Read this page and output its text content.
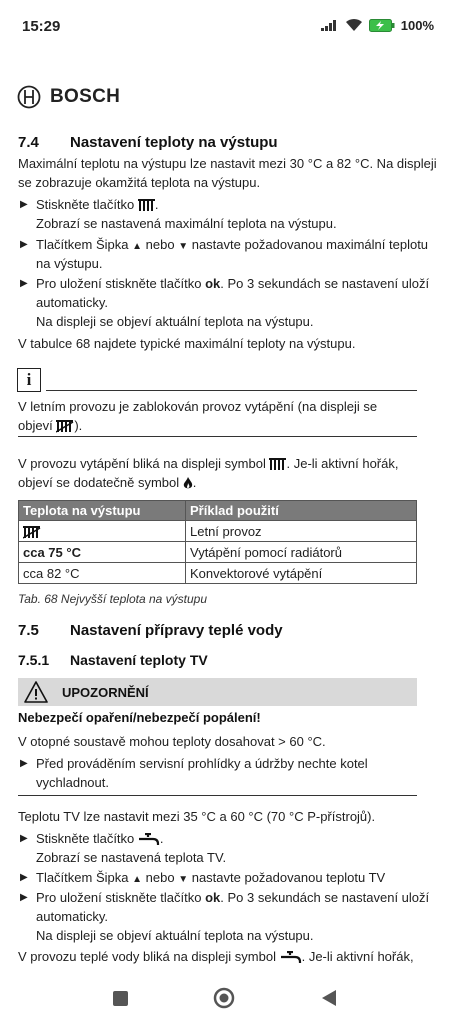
15:29	100%
BOSCH
7.4 Nastavení teploty na výstupu
Maximální teplotu na výstupu lze nastavit mezi 30 °C a 82 °C. Na displeji
se zobrazuje okamžitá teplota na výstupu.
▶ Stiskněte tlačítko .
Zobrazí se nastavená maximální teplota na výstupu.
▶ Tlačítkem Šipka ▲ nebo ▼ nastavte požadovanou maximální teplotu
na výstupu.
▶ Pro uložení stiskněte tlačítko ok. Po 3 sekundách se nastavení uloží
automaticky.
Na displeji se objeví aktuální teplota na výstupu.
V tabulce 68 najdete typické maximální teploty na výstupu.
i
V letním provozu je zablokován provoz vytápění (na displeji se
objeví ).
V provozu vytápění bliká na displeji symbol . Je-li aktivní hořák,
objeví se dodatečně symbol .
Teplota na výstupu	Příklad použití
	Letní provoz
cca 75 °C	Vytápění pomocí radiátorů
cca 82 °C	Konvektorové vytápění
Tab. 68 Nejvyšší teplota na výstupu
7.5 Nastavení přípravy teplé vody
7.5.1 Nastavení teploty TV
UPOZORNĚNÍ
Nebezpečí opaření/nebezpečí popálení!
V otopné soustavě mohou teploty dosahovat > 60 °C.
▶ Před prováděním servisní prohlídky a údržby nechte kotel
vychladnout.
Teplotu TV lze nastavit mezi 35 °C a 60 °C (70 °C P-přístrojů).
▶ Stiskněte tlačítko .
Zobrazí se nastavená teplota TV.
▶ Tlačítkem Šipka ▲ nebo ▼ nastavte požadovanou teplotu TV
▶ Pro uložení stiskněte tlačítko ok. Po 3 sekundách se nastavení uloží
automaticky.
Na displeji se objeví aktuální teplota na výstupu.
V provozu teplé vody bliká na displeji symbol . Je-li aktivní hořák,
